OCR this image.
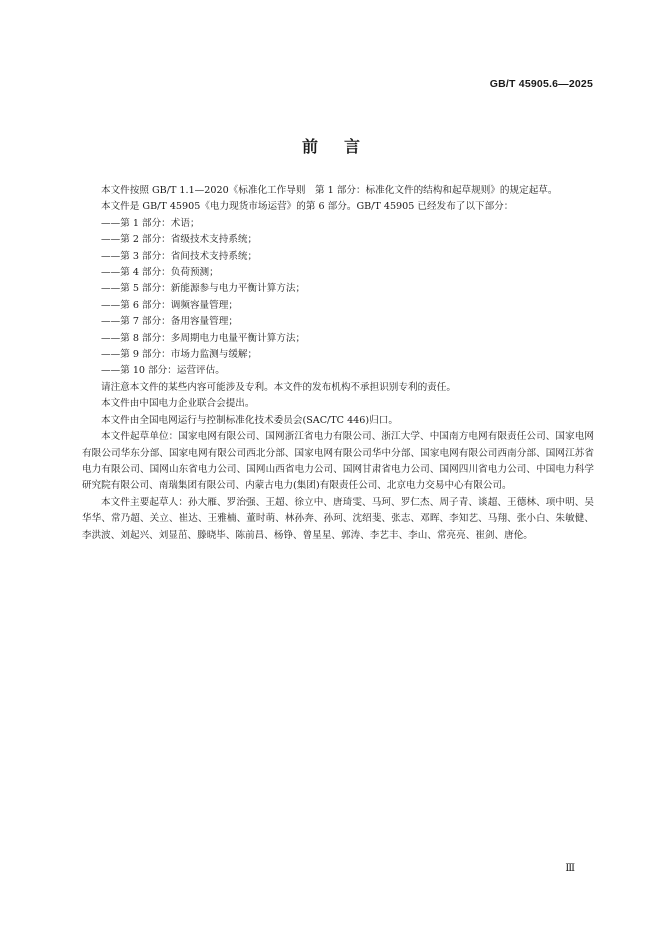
GB/T 45905.6—2025
前言

本文件按照 GB/T 1.1—2020《标准化工作导则　第 1 部分：标准化文件的结构和起草规则》的规定起草。

本文件是 GB/T 45905《电力现货市场运营》的第 6 部分。GB/T 45905 已经发布了以下部分：

——第 1 部分：术语；

——第 2 部分：省级技术支持系统；

——第 3 部分：省间技术支持系统；

——第 4 部分：负荷预测；

——第 5 部分：新能源参与电力平衡计算方法；

——第 6 部分：调频容量管理；

——第 7 部分：备用容量管理；

——第 8 部分：多周期电力电量平衡计算方法；

——第 9 部分：市场力监测与缓解；

——第 10 部分：运营评估。

请注意本文件的某些内容可能涉及专利。本文件的发布机构不承担识别专利的责任。

本文件由中国电力企业联合会提出。

本文件由全国电网运行与控制标准化技术委员会(SAC/TC 446)归口。

本文件起草单位：国家电网有限公司、国网浙江省电力有限公司、浙江大学、中国南方电网有限责任公司、国家电网有限公司华东分部、国家电网有限公司西北分部、国家电网有限公司华中分部、国家电网有限公司西南分部、国网江苏省电力有限公司、国网山东省电力公司、国网山西省电力公司、国网甘肃省电力公司、国网四川省电力公司、中国电力科学研究院有限公司、南瑞集团有限公司、内蒙古电力(集团)有限责任公司、北京电力交易中心有限公司。

本文件主要起草人：孙大雁、罗治强、王超、徐立中、唐琦雯、马珂、罗仁杰、周子青、谈超、王德林、项中明、吴华华、常乃超、关立、崔达、王雅楠、董时萌、林孙奔、孙珂、沈绍斐、张志、邓晖、李知艺、马翔、张小白、朱敏健、李洪波、刘起兴、刘显茁、滕晓毕、陈前昌、杨铮、曾星星、郭涛、李艺丰、李山、常亮亮、崔剑、唐伦。

Ⅲ
